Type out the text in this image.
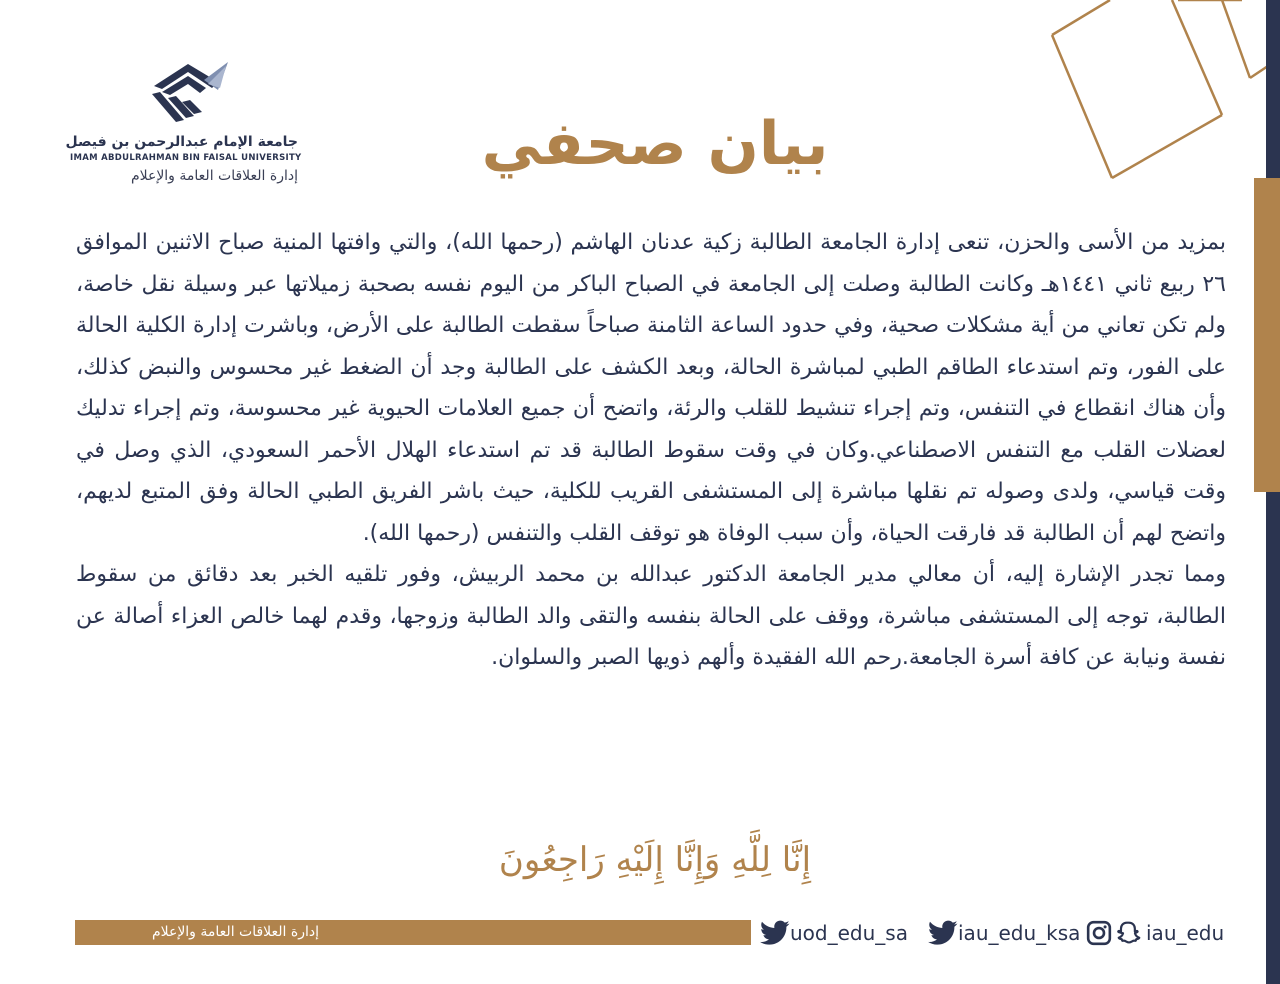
جامعة الإمام عبدالرحمن بن فيصل
IMAM ABDULRAHMAN BIN FAISAL UNIVERSITY
إدارة العلاقات العامة والإعلام	بيان صحفي

بمزيد من الأسى والحزن، تنعى إدارة الجامعة الطالبة زكية عدنان الهاشم (رحمها الله)، والتي وافتها المنية صباح الاثنين الموافق ٢٦ ربيع ثاني ١٤٤١هـ وكانت الطالبة وصلت إلى الجامعة في الصباح الباكر من اليوم نفسه بصحبة زميلاتها عبر وسيلة نقل خاصة، ولم تكن تعاني من أية مشكلات صحية، وفي حدود الساعة الثامنة صباحاً سقطت الطالبة على الأرض، وباشرت إدارة الكلية الحالة على الفور، وتم استدعاء الطاقم الطبي لمباشرة الحالة، وبعد الكشف على الطالبة وجد أن الضغط غير محسوس والنبض كذلك، وأن هناك انقطاع في التنفس، وتم إجراء تنشيط للقلب والرئة، واتضح أن جميع العلامات الحيوية غير محسوسة، وتم إجراء تدليك لعضلات القلب مع التنفس الاصطناعي.وكان في وقت سقوط الطالبة قد تم استدعاء الهلال الأحمر السعودي، الذي وصل في وقت قياسي، ولدى وصوله تم نقلها مباشرة إلى المستشفى القريب للكلية، حيث باشر الفريق الطبي الحالة وفق المتبع لديهم، واتضح لهم أن الطالبة قد فارقت الحياة، وأن سبب الوفاة هو توقف القلب والتنفس (رحمها الله).

ومما تجدر الإشارة إليه، أن معالي مدير الجامعة الدكتور عبدالله بن محمد الربيش، وفور تلقيه الخبر بعد دقائق من سقوط الطالبة، توجه إلى المستشفى مباشرة، ووقف على الحالة بنفسه والتقى والد الطالبة وزوجها، وقدم لهما خالص العزاء أصالة عن نفسة ونيابة عن كافة أسرة الجامعة.رحم الله الفقيدة وألهم ذويها الصبر والسلوان.

إِنَّا لِلَّهِ وَإِنَّا إِلَيْهِ رَاجِعُونَ
إدارة العلاقات العامة والإعلام	uod_edu_sa	iau_edu_ksa	iau_edu
